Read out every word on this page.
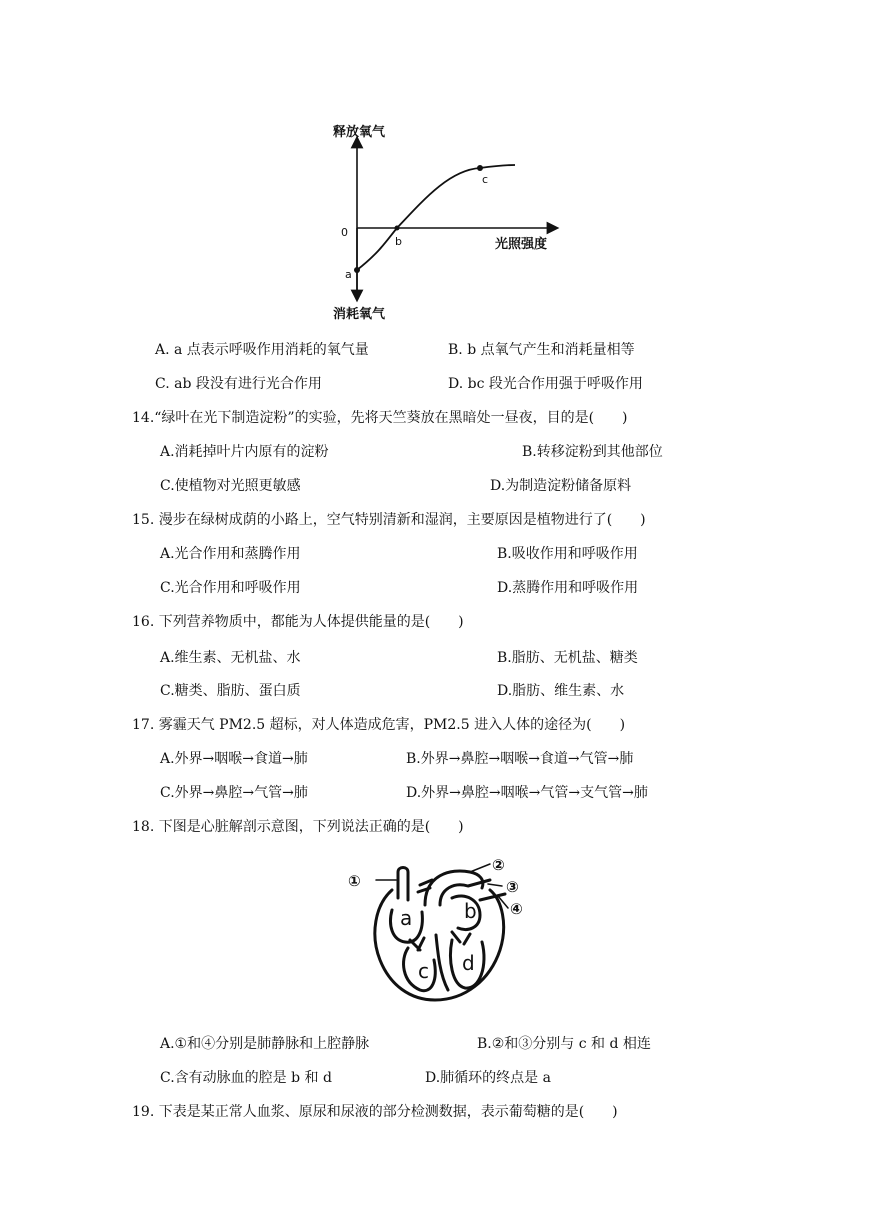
释放氧气
消耗氧气
光照强度
0
a
b
c
A. a 点表示呼吸作用消耗的氧气量	B. b 点氧气产生和消耗量相等
C. ab 段没有进行光合作用	D. bc 段光合作用强于呼吸作用
14.“绿叶在光下制造淀粉”的实验，先将天竺葵放在黑暗处一昼夜，目的是(　　)
A.消耗掉叶片内原有的淀粉	B.转移淀粉到其他部位
C.使植物对光照更敏感	D.为制造淀粉储备原料
15. 漫步在绿树成荫的小路上，空气特别清新和湿润，主要原因是植物进行了(　　)
A.光合作用和蒸腾作用	B.吸收作用和呼吸作用
C.光合作用和呼吸作用	D.蒸腾作用和呼吸作用
16. 下列营养物质中，都能为人体提供能量的是(　　)
A.维生素、无机盐、水	B.脂肪、无机盐、糖类
C.糖类、脂肪、蛋白质	D.脂肪、维生素、水
17. 雾霾天气 PM2.5 超标，对人体造成危害，PM2.5 进入人体的途径为(　　)
A.外界→咽喉→食道→肺	B.外界→鼻腔→咽喉→食道→气管→肺
C.外界→鼻腔→气管→肺	D.外界→鼻腔→咽喉→气管→支气管→肺
18. 下图是心脏解剖示意图，下列说法正确的是(　　)
①
②
③
④
a	b
c d
A.①和④分别是肺静脉和上腔静脉	B.②和③分别与 c 和 d 相连
C.含有动脉血的腔是 b 和 d	D.肺循环的终点是 a
19. 下表是某正常人血浆、原尿和尿液的部分检测数据，表示葡萄糖的是(　　)
